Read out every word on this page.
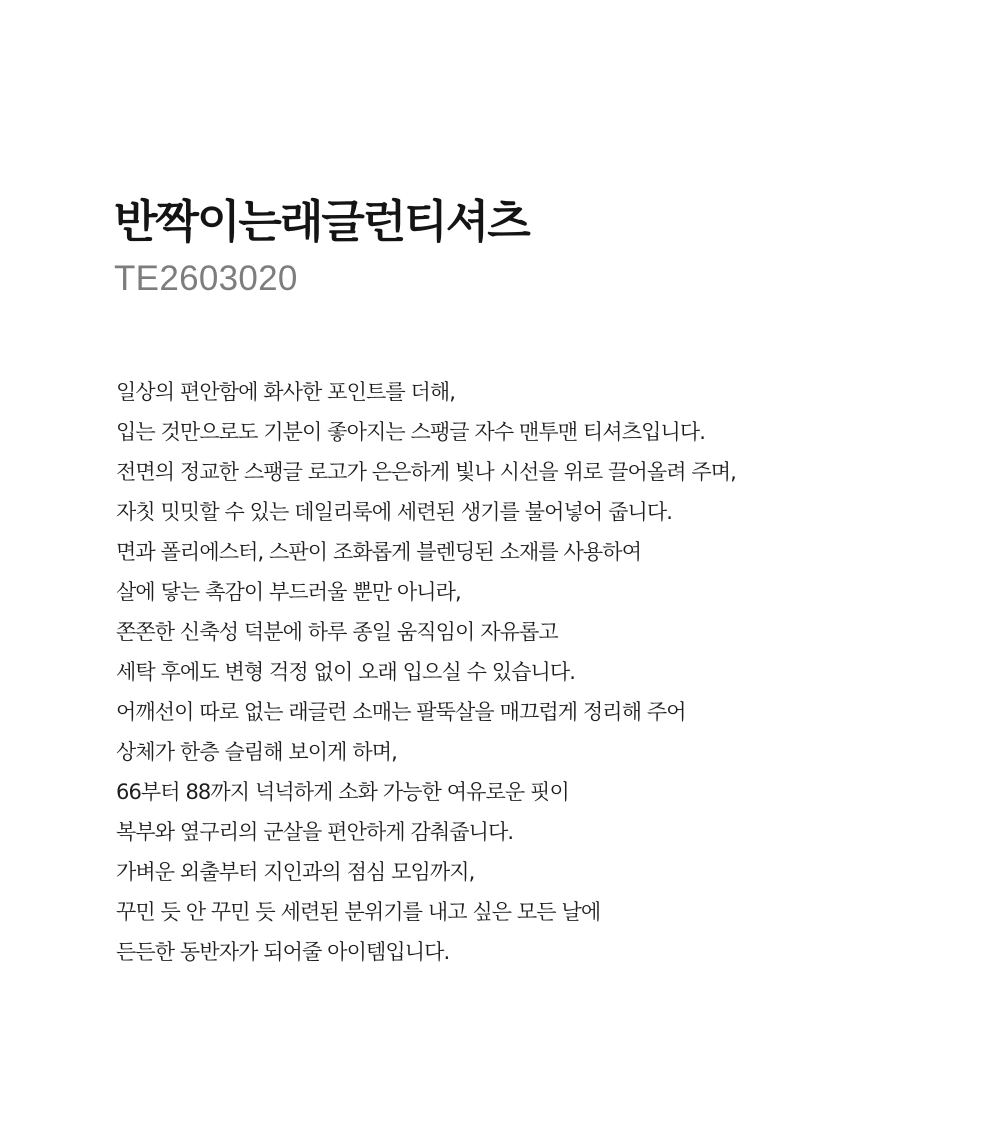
반짝이는래글런티셔츠

TE2603020

일상의 편안함에 화사한 포인트를 더해,
입는 것만으로도 기분이 좋아지는 스팽글 자수 맨투맨 티셔츠입니다.
전면의 정교한 스팽글 로고가 은은하게 빛나 시선을 위로 끌어올려 주며,
자칫 밋밋할 수 있는 데일리룩에 세련된 생기를 불어넣어 줍니다.
면과 폴리에스터, 스판이 조화롭게 블렌딩된 소재를 사용하여
살에 닿는 촉감이 부드러울 뿐만 아니라,
쫀쫀한 신축성 덕분에 하루 종일 움직임이 자유롭고
세탁 후에도 변형 걱정 없이 오래 입으실 수 있습니다.
어깨선이 따로 없는 래글런 소매는 팔뚝살을 매끄럽게 정리해 주어
상체가 한층 슬림해 보이게 하며,
66부터 88까지 넉넉하게 소화 가능한 여유로운 핏이
복부와 옆구리의 군살을 편안하게 감춰줍니다.
가벼운 외출부터 지인과의 점심 모임까지,
꾸민 듯 안 꾸민 듯 세련된 분위기를 내고 싶은 모든 날에
든든한 동반자가 되어줄 아이템입니다.
